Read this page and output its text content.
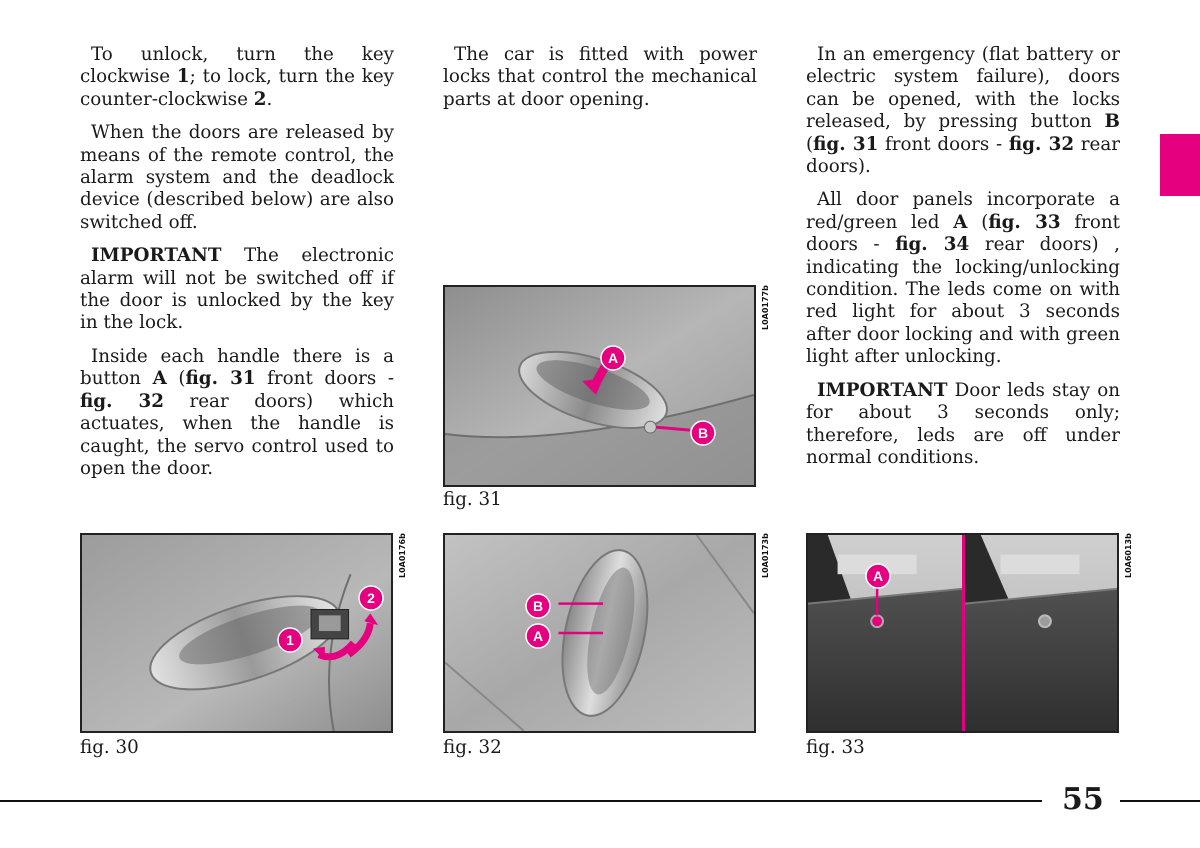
To unlock, turn the key clockwise 1; to lock, turn the key counter-clockwise 2.

When the doors are released by means of the remote control, the alarm system and the deadlock device (described below) are also switched off.

IMPORTANT The electronic alarm will not be switched off if the door is unlocked by the key in the lock.

Inside each handle there is a button A (fig. 31 front doors - fig. 32 rear doors) which actuates, when the handle is caught, the servo control used to open the door.

The car is fitted with power locks that control the mechanical parts at door opening.

In an emergency (flat battery or electric system failure), doors can be opened, with the locks released, by pressing button B (fig. 31 front doors - fig. 32 rear doors).

All door panels incorporate a red/green led A (fig. 33 front doors - fig. 34 rear doors) , indicating the locking/unlocking condition. The leds come on with red light for about 3 seconds after door locking and with green light after unlocking.

IMPORTANT Door leds stay on for about 3 seconds only; therefore, leds are off under normal conditions.

A
B
L0A0177b
fig. 31
1
2
L0A0176b
fig. 30
B
A
L0A0173b
fig. 32
A	L0A6013b
fig. 33
55
